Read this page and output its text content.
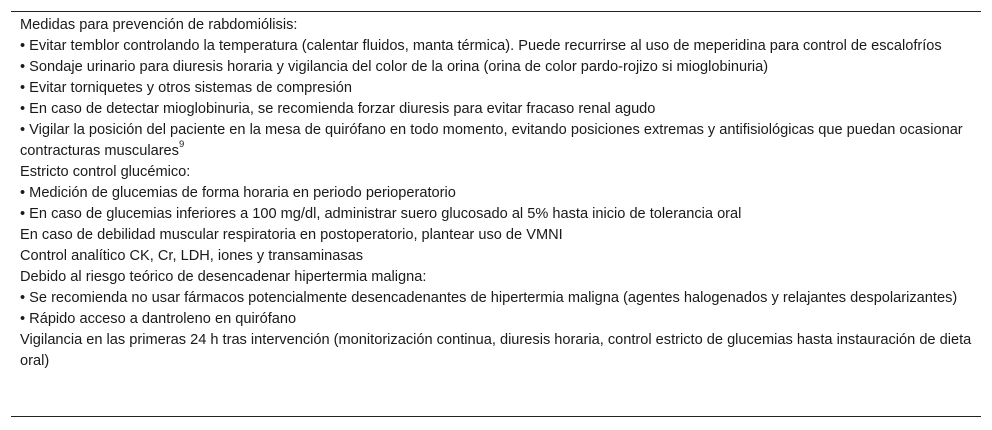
Medidas para prevención de rabdomiólisis:

• Evitar temblor controlando la temperatura (calentar fluidos, manta térmica). Puede recurrirse al uso de meperidina para control de escalofríos

• Sondaje urinario para diuresis horaria y vigilancia del color de la orina (orina de color pardo-rojizo si mioglobinuria)

• Evitar torniquetes y otros sistemas de compresión

• En caso de detectar mioglobinuria, se recomienda forzar diuresis para evitar fracaso renal agudo

• Vigilar la posición del paciente en la mesa de quirófano en todo momento, evitando posiciones extremas y antifisiológicas que puedan ocasionar contracturas musculares$^9$

Estricto control glucémico:

• Medición de glucemias de forma horaria en periodo perioperatorio

• En caso de glucemias inferiores a 100 mg/dl, administrar suero glucosado al 5% hasta inicio de tolerancia oral

En caso de debilidad muscular respiratoria en postoperatorio, plantear uso de VMNI

Control analítico CK, Cr, LDH, iones y transaminasas

Debido al riesgo teórico de desencadenar hipertermia maligna:

• Se recomienda no usar fármacos potencialmente desencadenantes de hipertermia maligna (agentes halogenados y relajantes despolarizantes)

• Rápido acceso a dantroleno en quirófano

Vigilancia en las primeras 24 h tras intervención (monitorización continua, diuresis horaria, control estricto de glucemias hasta instauración de dieta oral)
